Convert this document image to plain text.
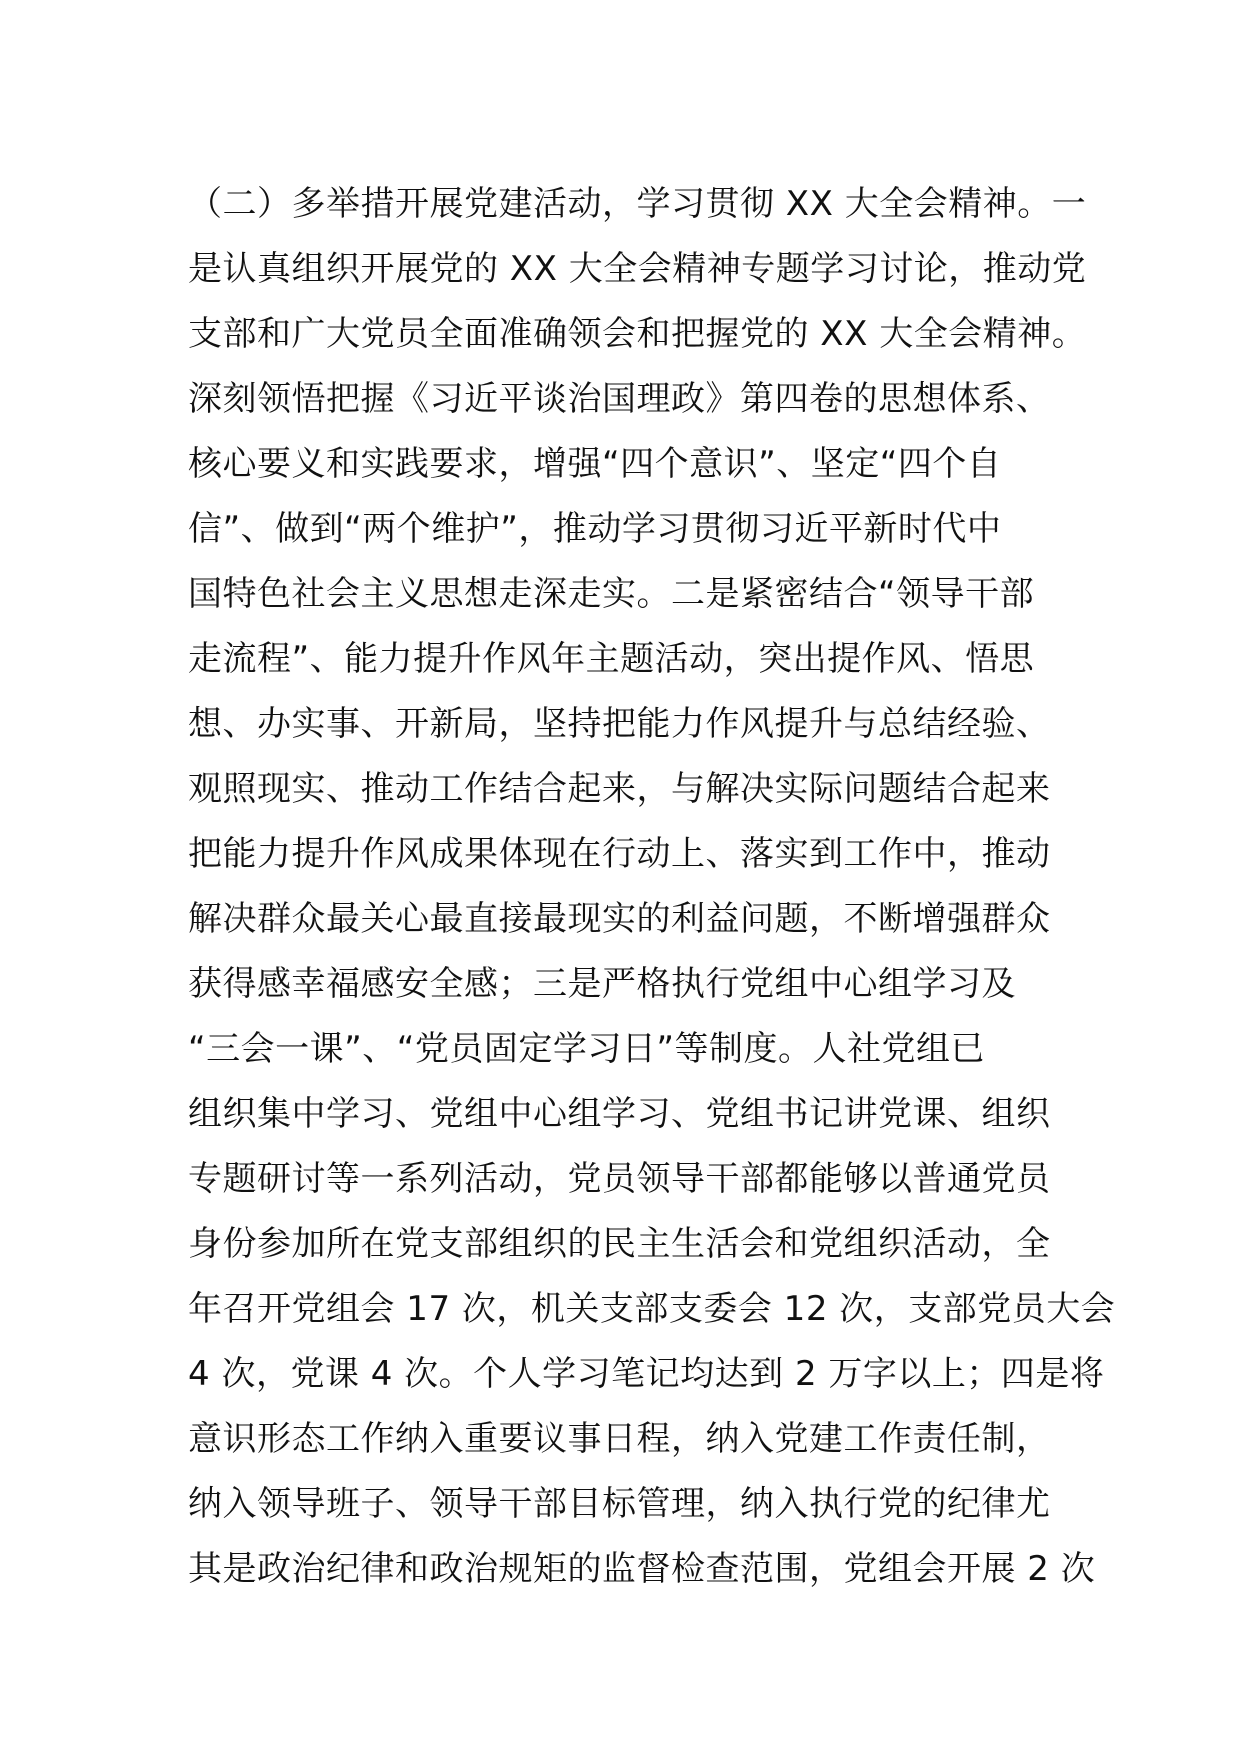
（二）多举措开展党建活动，学习贯彻 XX 大全会精神。一
是认真组织开展党的 XX 大全会精神专题学习讨论，推动党
支部和广大党员全面准确领会和把握党的 XX 大全会精神。
深刻领悟把握《习近平谈治国理政》第四卷的思想体系、
核心要义和实践要求，增强“四个意识”、坚定“四个自
信”、做到“两个维护”，推动学习贯彻习近平新时代中
国特色社会主义思想走深走实。二是紧密结合“领导干部
走流程”、能力提升作风年主题活动，突出提作风、悟思
想、办实事、开新局，坚持把能力作风提升与总结经验、
观照现实、推动工作结合起来，与解决实际问题结合起来
把能力提升作风成果体现在行动上、落实到工作中，推动
解决群众最关心最直接最现实的利益问题，不断增强群众
获得感幸福感安全感；三是严格执行党组中心组学习及
“三会一课”、“党员固定学习日”等制度。人社党组已
组织集中学习、党组中心组学习、党组书记讲党课、组织
专题研讨等一系列活动，党员领导干部都能够以普通党员
身份参加所在党支部组织的民主生活会和党组织活动，全
年召开党组会 17 次，机关支部支委会 12 次，支部党员大会
4 次，党课 4 次。个人学习笔记均达到 2 万字以上；四是将
意识形态工作纳入重要议事日程，纳入党建工作责任制，
纳入领导班子、领导干部目标管理，纳入执行党的纪律尤
其是政治纪律和政治规矩的监督检查范围，党组会开展 2 次
